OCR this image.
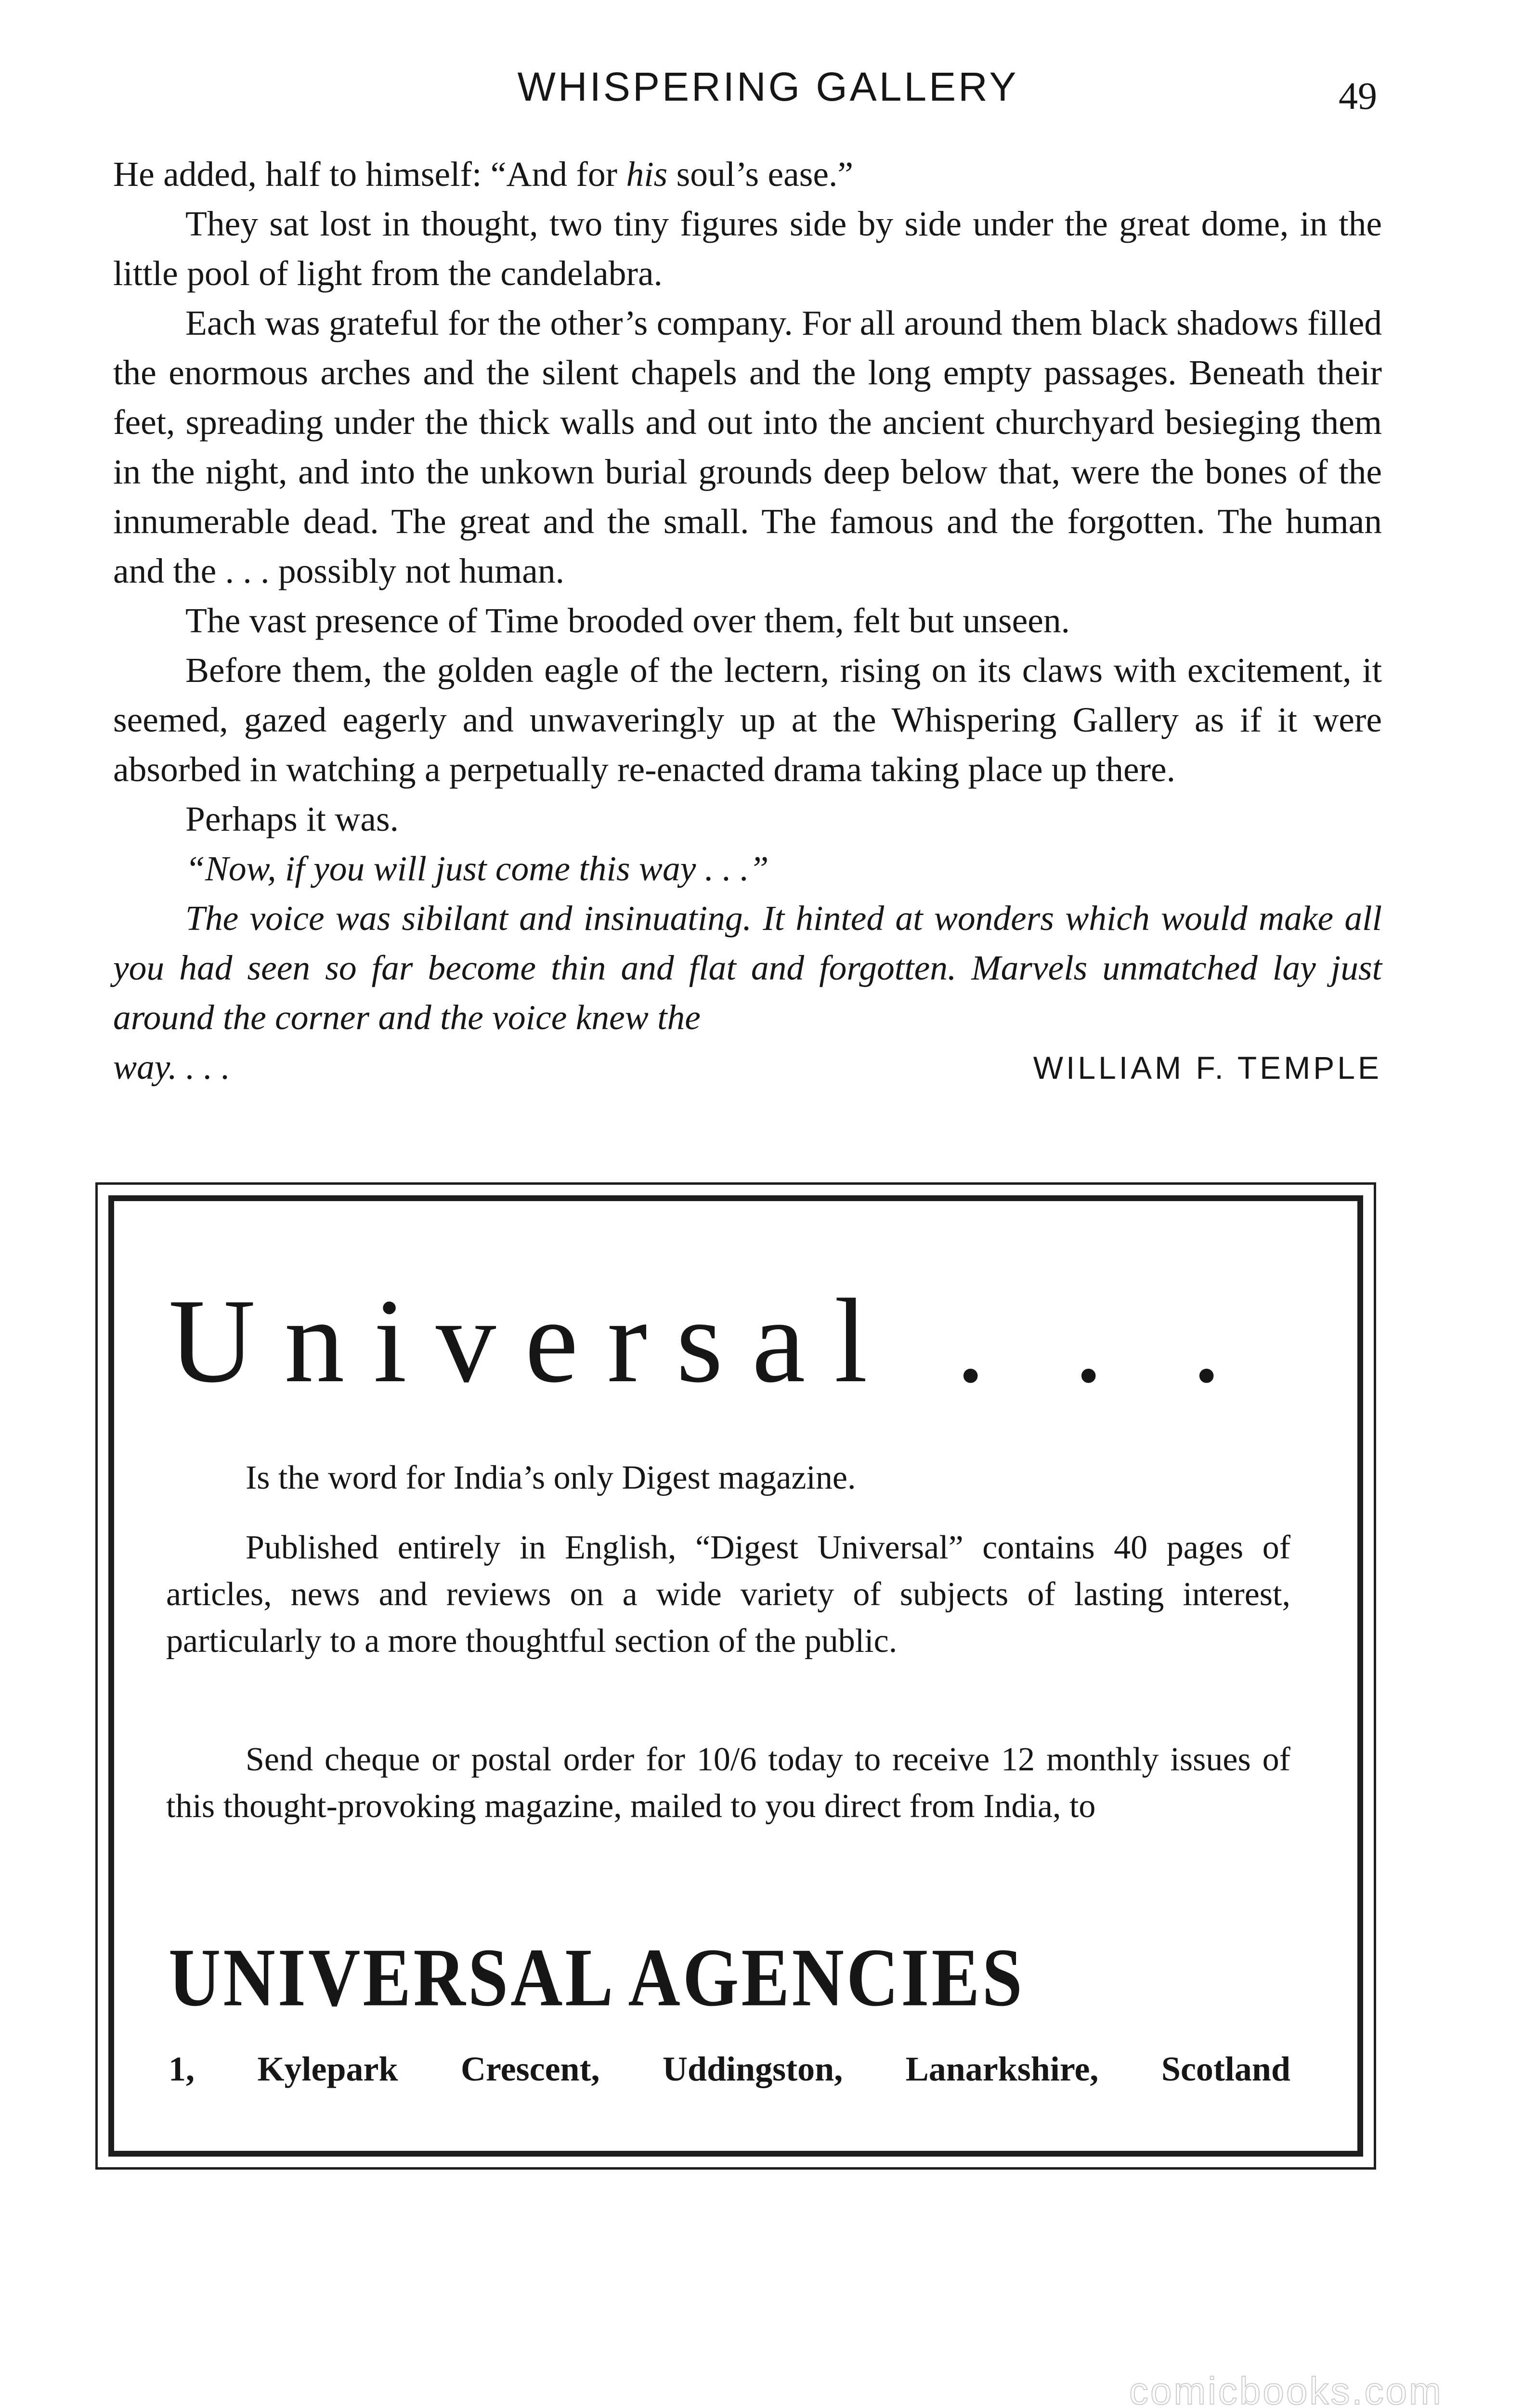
WHISPERING GALLERY	49

He added, half to himself: “And for his soul’s ease.”

They sat lost in thought, two tiny figures side by side under the great dome, in the little pool of light from the candelabra.

Each was grateful for the other’s company. For all around them black shadows filled the enormous arches and the silent chapels and the long empty passages. Beneath their feet, spreading under the thick walls and out into the ancient churchyard besieging them in the night, and into the unkown burial grounds deep below that, were the bones of the innumerable dead. The great and the small. The famous and the forgotten. The human and the . . . possibly not human.

The vast presence of Time brooded over them, felt but unseen.

Before them, the golden eagle of the lectern, rising on its claws with excitement, it seemed, gazed eagerly and unwaveringly up at the Whispering Gallery as if it were absorbed in watching a perpetually re-enacted drama taking place up there.

Perhaps it was.

“Now, if you will just come this way . . .”

The voice was sibilant and insinuating. It hinted at wonders which would make all you had seen so far become thin and flat and forgotten. Marvels unmatched lay just around the corner and the voice knew the

way. . . .	WILLIAM F. TEMPLE
Universal . . .

Is the word for India’s only Digest magazine.

Published entirely in English, “Digest Universal” contains 40 pages of articles, news and reviews on a wide variety of subjects of lasting interest, particularly to a more thoughtful section of the public.

Send cheque or postal order for 10/6 today to receive 12 monthly issues of this thought-provoking magazine, mailed to you direct from India, to

UNIVERSAL AGENCIES
1, Kylepark Crescent, Uddingston, Lanarkshire, Scotland
comicbooks.com
